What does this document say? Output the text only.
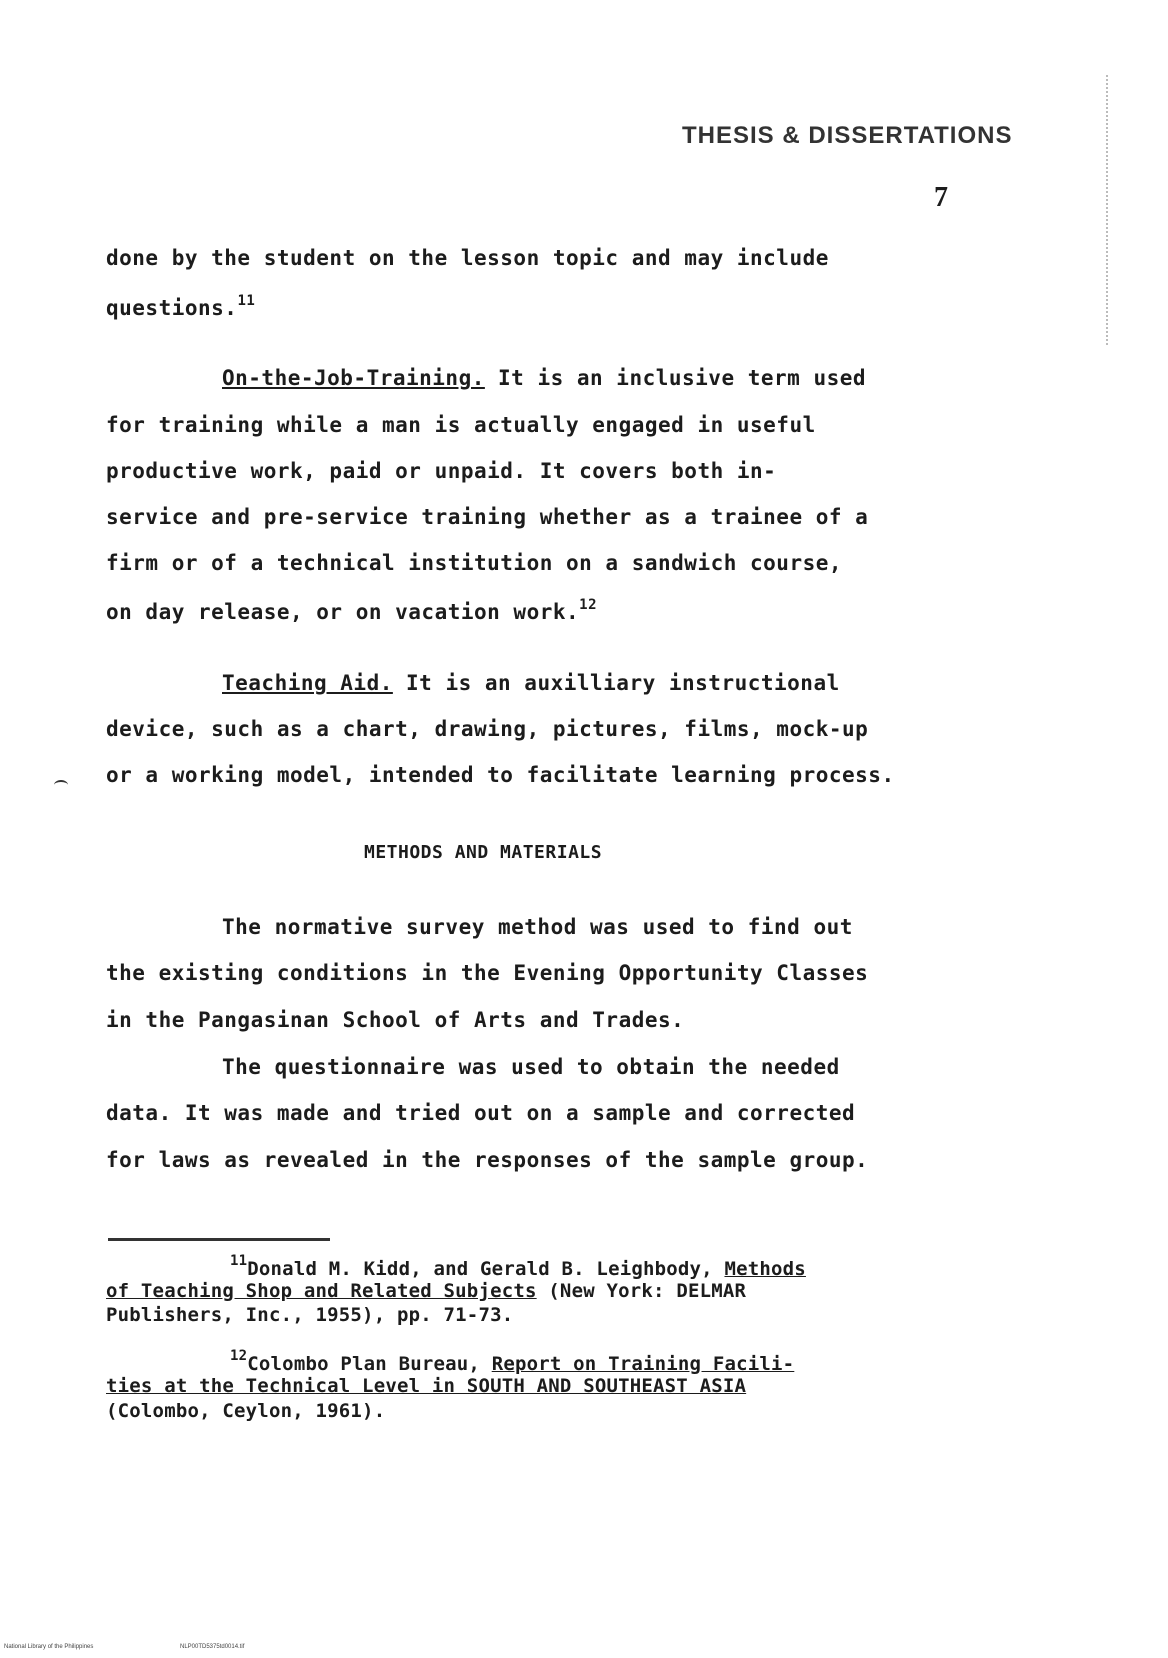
THESIS & DISSERTATIONS
7
done by the student on the lesson topic and may include
questions.$^{11}$
On-the-Job-Training. It is an inclusive term used
for training while a man is actually engaged in useful
productive work, paid or unpaid. It covers both in-
service and pre-service training whether as a trainee of a
firm or of a technical institution on a sandwich course,
on day release, or on vacation work.$^{12}$
Teaching Aid. It is an auxilliary instructional
device, such as a chart, drawing, pictures, films, mock-up
or a working model, intended to facilitate learning process.
METHODS AND MATERIALS
The normative survey method was used to find out
the existing conditions in the Evening Opportunity Classes
in the Pangasinan School of Arts and Trades.
The questionnaire was used to obtain the needed
data. It was made and tried out on a sample and corrected
for laws as revealed in the responses of the sample group.
$^{11}$Donald M. Kidd, and Gerald B. Leighbody, Methods
of Teaching Shop and Related Subjects (New York: DELMAR
Publishers, Inc., 1955), pp. 71-73.
$^{12}$Colombo Plan Bureau, Report on Training Facili-
ties at the Technical Level in SOUTH AND SOUTHEAST ASIA
(Colombo, Ceylon, 1961).
National Library of the Philippines	NLP00TD5375td0014.tif
